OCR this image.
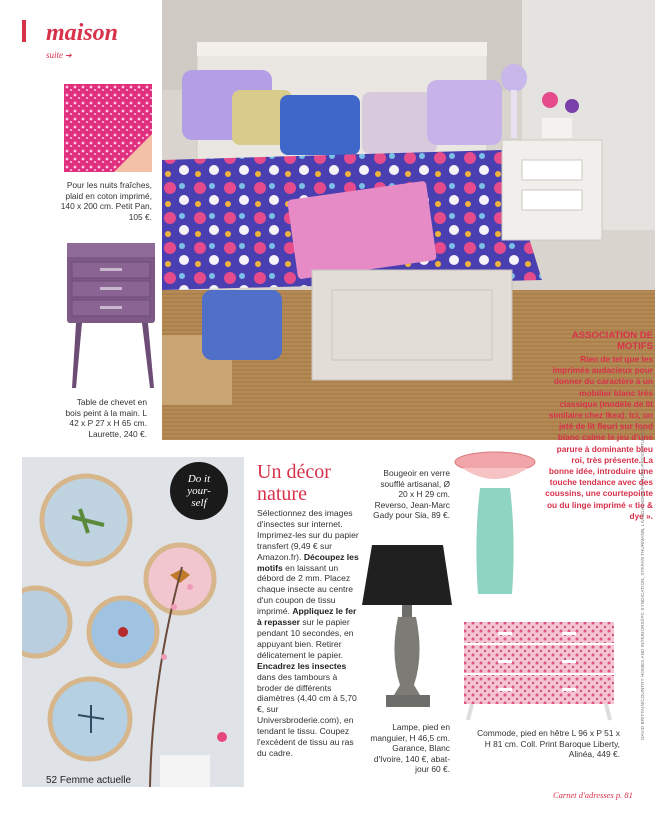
maison
suite ➔
Pour les nuits fraîches, plaid en coton imprimé, 140 x 200 cm. Petit Pan, 105 €.
Table de chevet en bois peint à la main. L 42 x P 27 x H 65 cm. Laurette, 240 €.
ASSOCIATION DE MOTIFS

Rien de tel que les imprimés audacieux pour donner du caractère à un mobilier blanc très classique (modèle de lit similaire chez Ikea). Ici, un jeté de lit fleuri sur fond blanc calme le jeu d'une parure à dominante bleu roi, très présente. La bonne idée, introduire une touche tendance avec des coussins, une courtepointe ou du linge imprimé « tie & dye ».

Do it
your-
self
Un décor nature
Sélectionnez des images d'insectes sur internet. Imprimez-les sur du papier transfert (9,49 € sur Amazon.fr). Découpez les motifs en laissant un débord de 2 mm. Placez chaque insecte au centre d'un coupon de tissu imprimé. Appliquez le fer à repasser sur le papier pendant 10 secondes, en appuyant bien. Retirer délicatement le papier. Encadrez les insectes dans des tambours à broder de différents diamètres (4,40 cm à 5,70 €, sur Universbroderie.com), en tendant le tissu. Coupez l'excédent de tissu au ras du cadre.
Bougeoir en verre soufflé artisanal, Ø 20 x H 29 cm. Reverso, Jean-Marc Gady pour Sia, 89 €.
Lampe, pied en manguier, H 46,5 cm. Garance, Blanc d'Ivoire, 140 €, abat-jour 60 €.
Commode, pied en hêtre L 96 x P 51 x H 81 cm. Coll. Print Baroque Liberty, Alinéa, 449 €.
52 Femme actuelle
Carnet d'adresses p. 81
DAVID BRITTAIN/COUNTRY HOMES AND INTERIORS/IPC SYNDICATION, STEFAN THURMANN, LIVINGATHOME/PICTURE-PRESS/STUDIO X
